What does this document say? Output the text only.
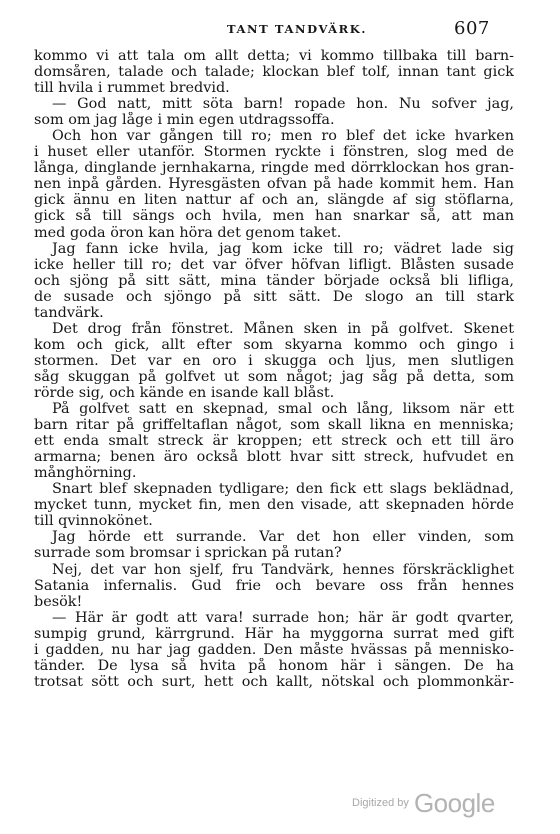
TANT TANDVÄRK.	607
kommo vi att tala om allt detta; vi kommo tillbaka till barn-
domsåren, talade och talade; klockan blef tolf, innan tant gick
till hvila i rummet bredvid.
— God natt, mitt söta barn! ropade hon. Nu sofver jag,
som om jag låge i min egen utdragssoffa.
Och hon var gången till ro; men ro blef det icke hvarken
i huset eller utanför. Stormen ryckte i fönstren, slog med de
långa, dinglande jernhakarna, ringde med dörrklockan hos gran-
nen inpå gården. Hyresgästen ofvan på hade kommit hem. Han
gick ännu en liten nattur af och an, slängde af sig stöflarna,
gick så till sängs och hvila, men han snarkar så, att man
med goda öron kan höra det genom taket.
Jag fann icke hvila, jag kom icke till ro; vädret lade sig
icke heller till ro; det var öfver höfvan lifligt. Blåsten susade
och sjöng på sitt sätt, mina tänder började också bli lifliga,
de susade och sjöngo på sitt sätt. De slogo an till stark
tandvärk.
Det drog från fönstret. Månen sken in på golfvet. Skenet
kom och gick, allt efter som skyarna kommo och gingo i
stormen. Det var en oro i skugga och ljus, men slutligen
såg skuggan på golfvet ut som något; jag såg på detta, som
rörde sig, och kände en isande kall blåst.
På golfvet satt en skepnad, smal och lång, liksom när ett
barn ritar på griffeltaflan något, som skall likna en menniska;
ett enda smalt streck är kroppen; ett streck och ett till äro
armarna; benen äro också blott hvar sitt streck, hufvudet en
månghörning.
Snart blef skepnaden tydligare; den fick ett slags beklädnad,
mycket tunn, mycket fin, men den visade, att skepnaden hörde
till qvinnokönet.
Jag hörde ett surrande. Var det hon eller vinden, som
surrade som bromsar i sprickan på rutan?
Nej, det var hon sjelf, fru Tandvärk, hennes förskräcklighet
Satania infernalis. Gud frie och bevare oss från hennes
besök!
— Här är godt att vara! surrade hon; här är godt qvarter,
sumpig grund, kärrgrund. Här ha myggorna surrat med gift
i gadden, nu har jag gadden. Den måste hvässas på mennisko-
tänder. De lysa så hvita på honom här i sängen. De ha
trotsat sött och surt, hett och kallt, nötskal och plommonkär-
$^{Digitized by}$ Google
